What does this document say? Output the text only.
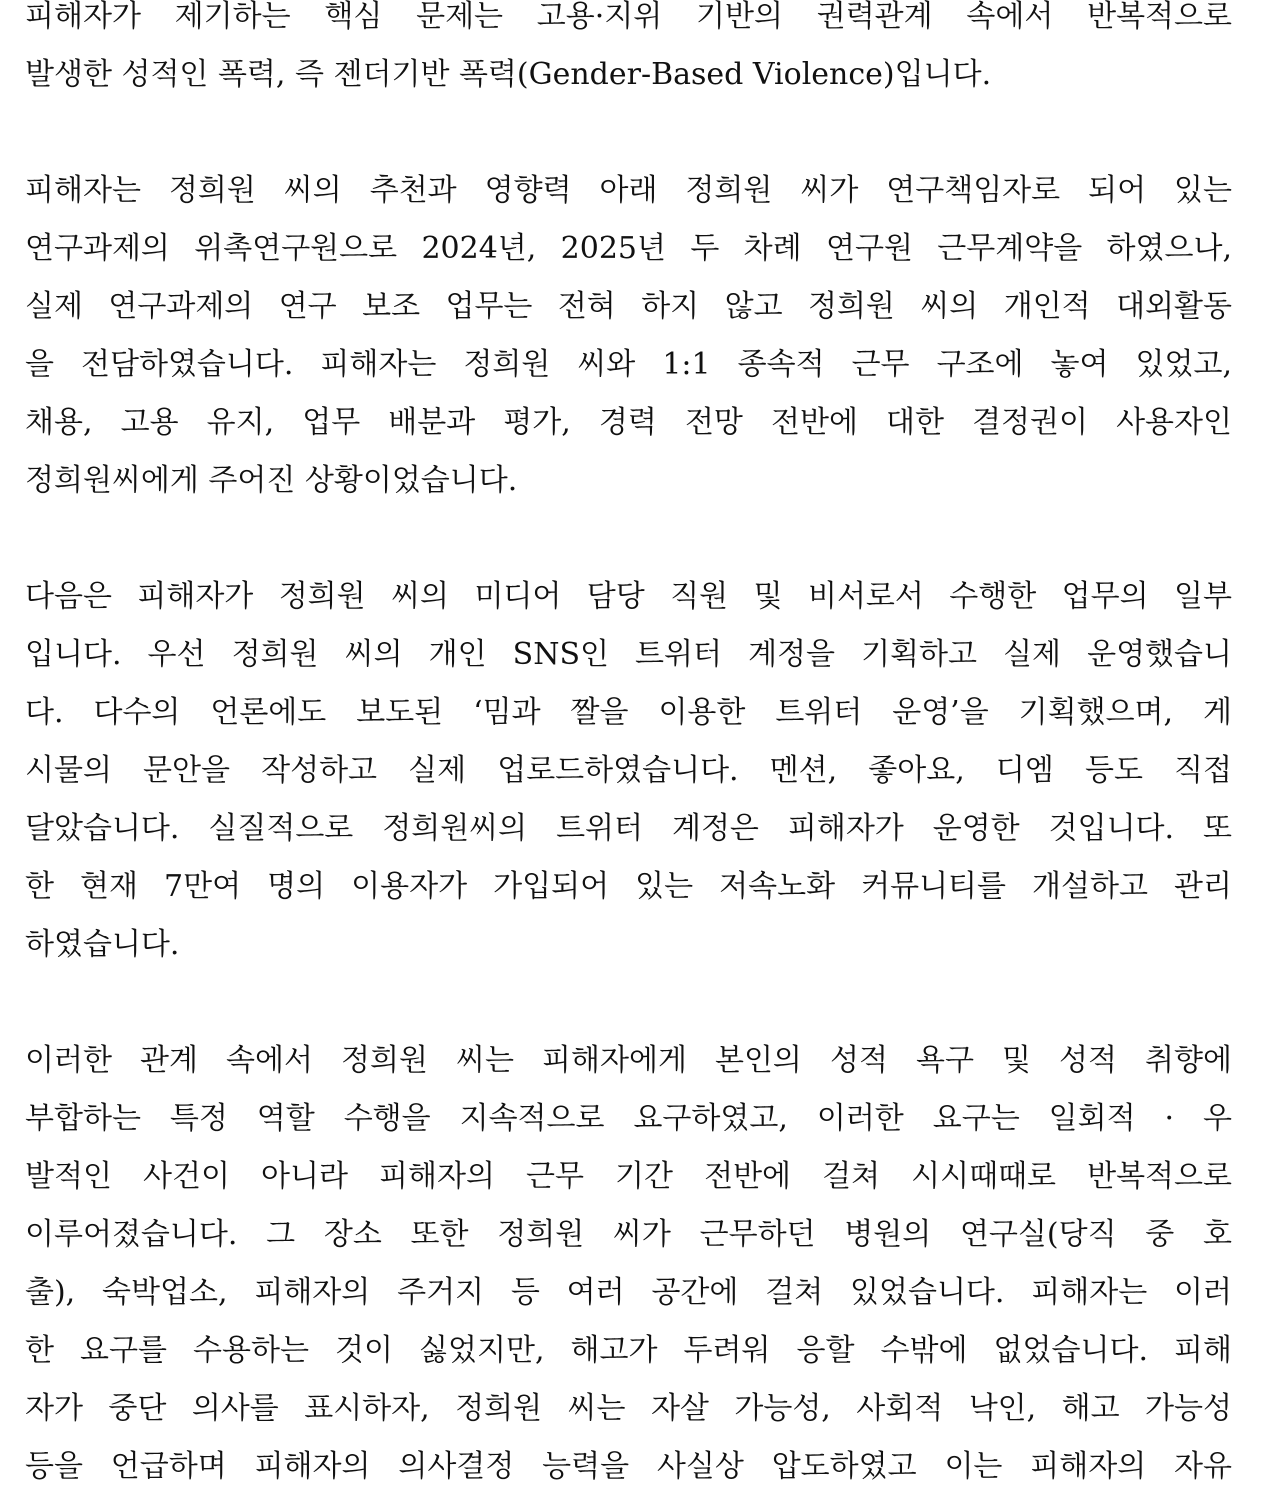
피해자가 제기하는 핵심 문제는 고용·지위 기반의 권력관계 속에서 반복적으로
발생한 성적인 폭력, 즉 젠더기반 폭력(Gender-Based Violence)입니다.
피해자는 정희원 씨의 추천과 영향력 아래 정희원 씨가 연구책임자로 되어 있는
연구과제의 위촉연구원으로 2024년, 2025년 두 차례 연구원 근무계약을 하였으나,
실제 연구과제의 연구 보조 업무는 전혀 하지 않고 정희원 씨의 개인적 대외활동
을 전담하였습니다. 피해자는 정희원 씨와 1:1 종속적 근무 구조에 놓여 있었고,
채용, 고용 유지, 업무 배분과 평가, 경력 전망 전반에 대한 결정권이 사용자인
정희원씨에게 주어진 상황이었습니다.
다음은 피해자가 정희원 씨의 미디어 담당 직원 및 비서로서 수행한 업무의 일부
입니다. 우선 정희원 씨의 개인 SNS인 트위터 계정을 기획하고 실제 운영했습니
다. 다수의 언론에도 보도된 ‘밈과 짤을 이용한 트위터 운영’을 기획했으며, 게
시물의 문안을 작성하고 실제 업로드하였습니다. 멘션, 좋아요, 디엠 등도 직접
달았습니다. 실질적으로 정희원씨의 트위터 계정은 피해자가 운영한 것입니다. 또
한 현재 7만여 명의 이용자가 가입되어 있는 저속노화 커뮤니티를 개설하고 관리
하였습니다.
이러한 관계 속에서 정희원 씨는 피해자에게 본인의 성적 욕구 및 성적 취향에
부합하는 특정 역할 수행을 지속적으로 요구하였고, 이러한 요구는 일회적 · 우
발적인 사건이 아니라 피해자의 근무 기간 전반에 걸쳐 시시때때로 반복적으로
이루어졌습니다. 그 장소 또한 정희원 씨가 근무하던 병원의 연구실(당직 중 호
출), 숙박업소, 피해자의 주거지 등 여러 공간에 걸쳐 있었습니다. 피해자는 이러
한 요구를 수용하는 것이 싫었지만, 해고가 두려워 응할 수밖에 없었습니다. 피해
자가 중단 의사를 표시하자, 정희원 씨는 자살 가능성, 사회적 낙인, 해고 가능성
등을 언급하며 피해자의 의사결정 능력을 사실상 압도하였고 이는 피해자의 자유
